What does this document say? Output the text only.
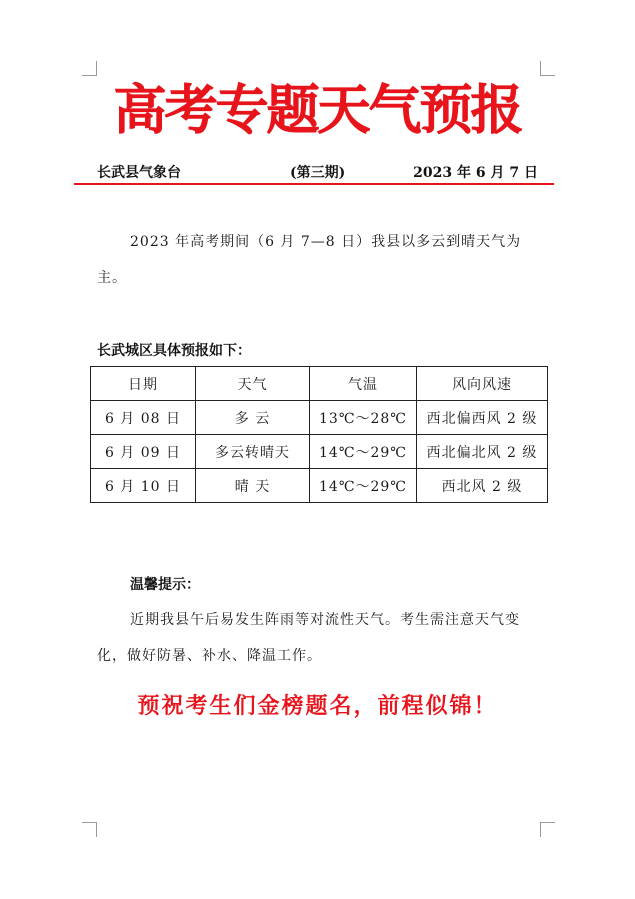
高考专题天气预报
长武县气象台	(第三期)	2023 年 6 月 7 日
2023 年高考期间（6 月 7—8 日）我县以多云到晴天气为主。
长武城区具体预报如下：
日期	天气	气温	风向风速
6 月 08 日	多 云	13℃～28℃	西北偏西风 2 级
6 月 09 日	多云转晴天	14℃～29℃	西北偏北风 2 级
6 月 10 日	晴 天	14℃～29℃	西北风 2 级
温馨提示：
近期我县午后易发生阵雨等对流性天气。考生需注意天气变化，做好防暑、补水、降温工作。
预祝考生们金榜题名，前程似锦！
